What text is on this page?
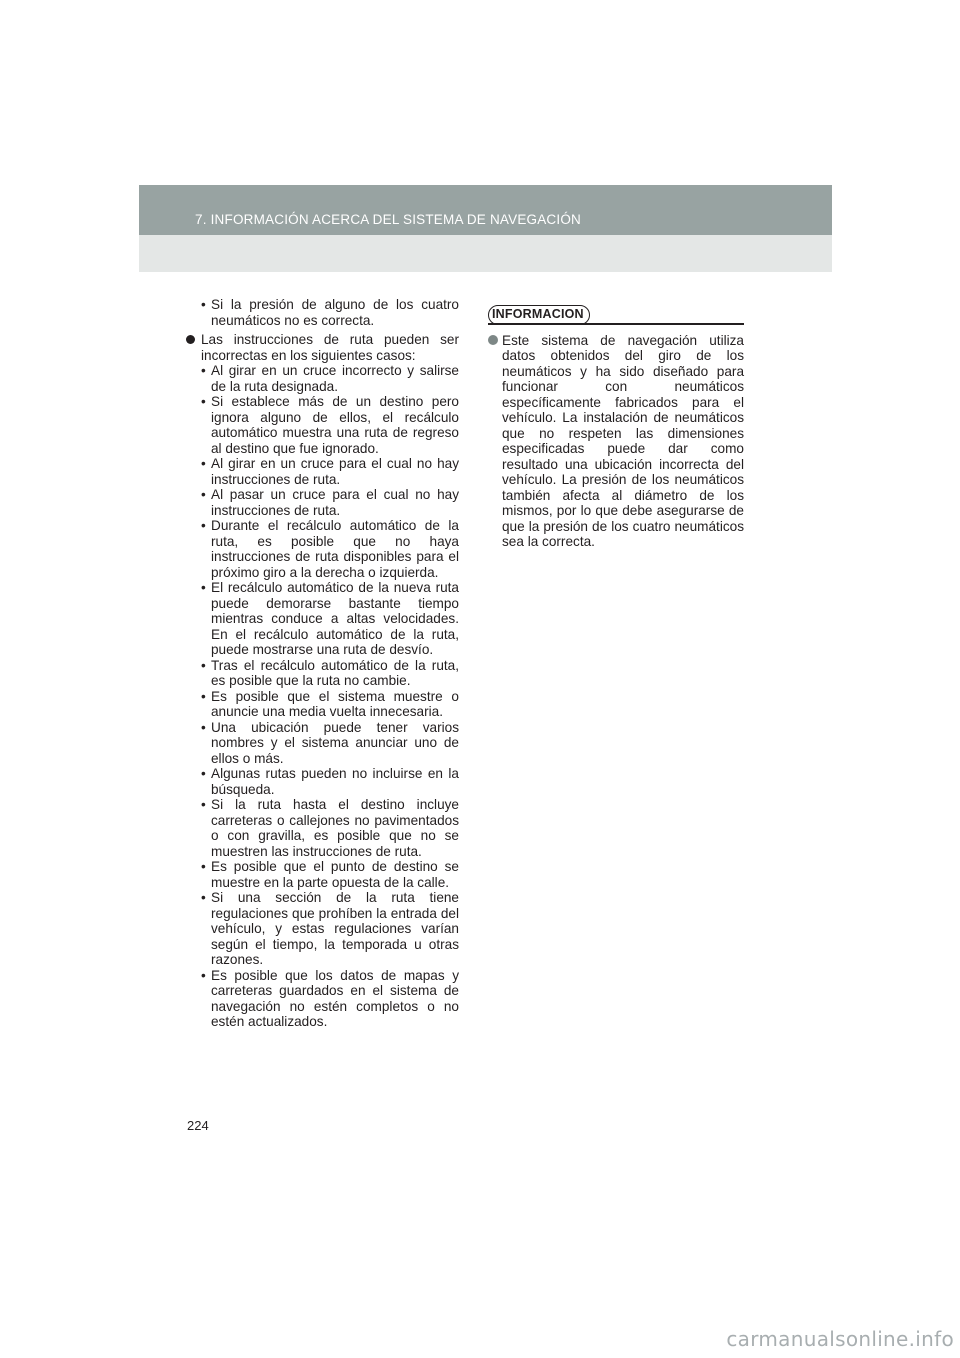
7. INFORMACIÓN ACERCA DEL SISTEMA DE NAVEGACIÓN
• Si la presión de alguno de los cuatro neumáticos no es correcta.
Las instrucciones de ruta pueden ser incorrectas en los siguientes casos:
• Al girar en un cruce incorrecto y salirse de la ruta designada.
• Si establece más de un destino pero ignora alguno de ellos, el recálculo automático muestra una ruta de regreso al destino que fue ignorado.
• Al girar en un cruce para el cual no hay instrucciones de ruta.
• Al pasar un cruce para el cual no hay instrucciones de ruta.
• Durante el recálculo automático de la ruta, es posible que no haya instrucciones de ruta disponibles para el próximo giro a la derecha o izquierda.
• El recálculo automático de la nueva ruta puede demorarse bastante tiempo mientras conduce a altas velocidades. En el recálculo automático de la ruta, puede mostrarse una ruta de desvío.
• Tras el recálculo automático de la ruta, es posible que la ruta no cambie.
• Es posible que el sistema muestre o anuncie una media vuelta innecesaria.
• Una ubicación puede tener varios nombres y el sistema anunciar uno de ellos o más.
• Algunas rutas pueden no incluirse en la búsqueda.
• Si la ruta hasta el destino incluye carreteras o callejones no pavimentados o con gravilla, es posible que no se muestren las instrucciones de ruta.
• Es posible que el punto de destino se muestre en la parte opuesta de la calle.
• Si una sección de la ruta tiene regulaciones que prohíben la entrada del vehículo, y estas regulaciones varían según el tiempo, la temporada u otras razones.
• Es posible que los datos de mapas y carreteras guardados en el sistema de navegación no estén completos o no estén actualizados.
INFORMACION
Este sistema de navegación utiliza datos obtenidos del giro de los neumáticos y ha sido diseñado para funcionar con neumáticos específicamente fabricados para el vehículo. La instalación de neumáticos que no respeten las dimensiones especificadas puede dar como resultado una ubicación incorrecta del vehículo. La presión de los neumáticos también afecta al diámetro de los mismos, por lo que debe asegurarse de que la presión de los cuatro neumáticos sea la correcta.
224
carmanualsonline.info
